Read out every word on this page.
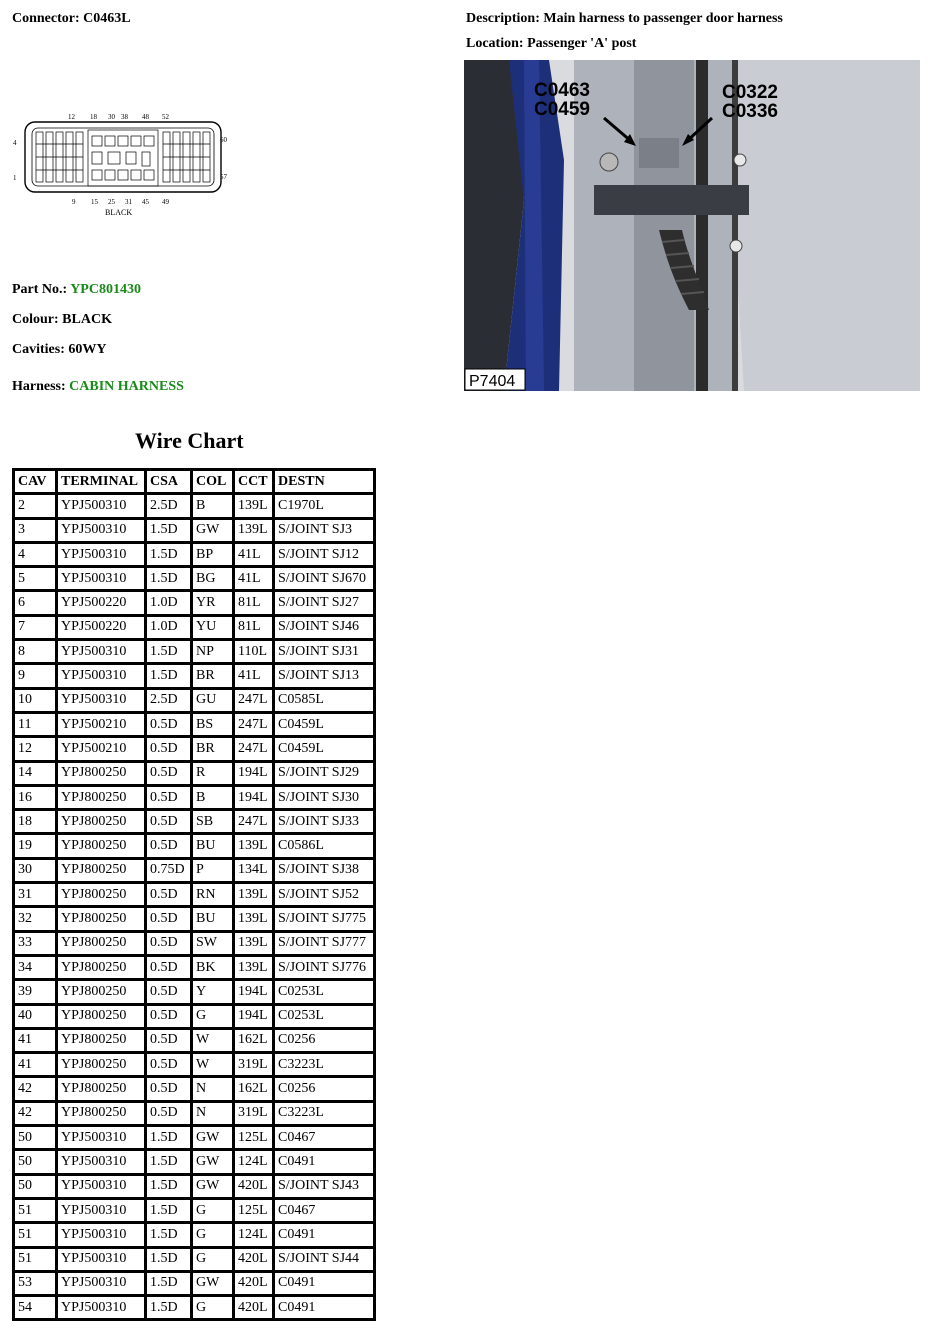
Connector: C0463L	Description: Main harness to passenger door harness
Location: Passenger 'A' post
12 18 30 38 48 52
4
1
60
57
9 15 25 31 45 49
BLACK
C0463
C0459
C0322
C0336
P7404
Part No.: YPC801430
Colour: BLACK
Cavities: 60WY
Harness: CABIN HARNESS
Wire Chart
CAV	TERMINAL	CSA	COL	CCT	DESTN
2	YPJ500310	2.5D	B	139L	C1970L
3	YPJ500310	1.5D	GW	139L	S/JOINT SJ3
4	YPJ500310	1.5D	BP	41L	S/JOINT SJ12
5	YPJ500310	1.5D	BG	41L	S/JOINT SJ670
6	YPJ500220	1.0D	YR	81L	S/JOINT SJ27
7	YPJ500220	1.0D	YU	81L	S/JOINT SJ46
8	YPJ500310	1.5D	NP	110L	S/JOINT SJ31
9	YPJ500310	1.5D	BR	41L	S/JOINT SJ13
10	YPJ500310	2.5D	GU	247L	C0585L
11	YPJ500210	0.5D	BS	247L	C0459L
12	YPJ500210	0.5D	BR	247L	C0459L
14	YPJ800250	0.5D	R	194L	S/JOINT SJ29
16	YPJ800250	0.5D	B	194L	S/JOINT SJ30
18	YPJ800250	0.5D	SB	247L	S/JOINT SJ33
19	YPJ800250	0.5D	BU	139L	C0586L
30	YPJ800250	0.75D	P	134L	S/JOINT SJ38
31	YPJ800250	0.5D	RN	139L	S/JOINT SJ52
32	YPJ800250	0.5D	BU	139L	S/JOINT SJ775
33	YPJ800250	0.5D	SW	139L	S/JOINT SJ777
34	YPJ800250	0.5D	BK	139L	S/JOINT SJ776
39	YPJ800250	0.5D	Y	194L	C0253L
40	YPJ800250	0.5D	G	194L	C0253L
41	YPJ800250	0.5D	W	162L	C0256
41	YPJ800250	0.5D	W	319L	C3223L
42	YPJ800250	0.5D	N	162L	C0256
42	YPJ800250	0.5D	N	319L	C3223L
50	YPJ500310	1.5D	GW	125L	C0467
50	YPJ500310	1.5D	GW	124L	C0491
50	YPJ500310	1.5D	GW	420L	S/JOINT SJ43
51	YPJ500310	1.5D	G	125L	C0467
51	YPJ500310	1.5D	G	124L	C0491
51	YPJ500310	1.5D	G	420L	S/JOINT SJ44
53	YPJ500310	1.5D	GW	420L	C0491
54	YPJ500310	1.5D	G	420L	C0491
